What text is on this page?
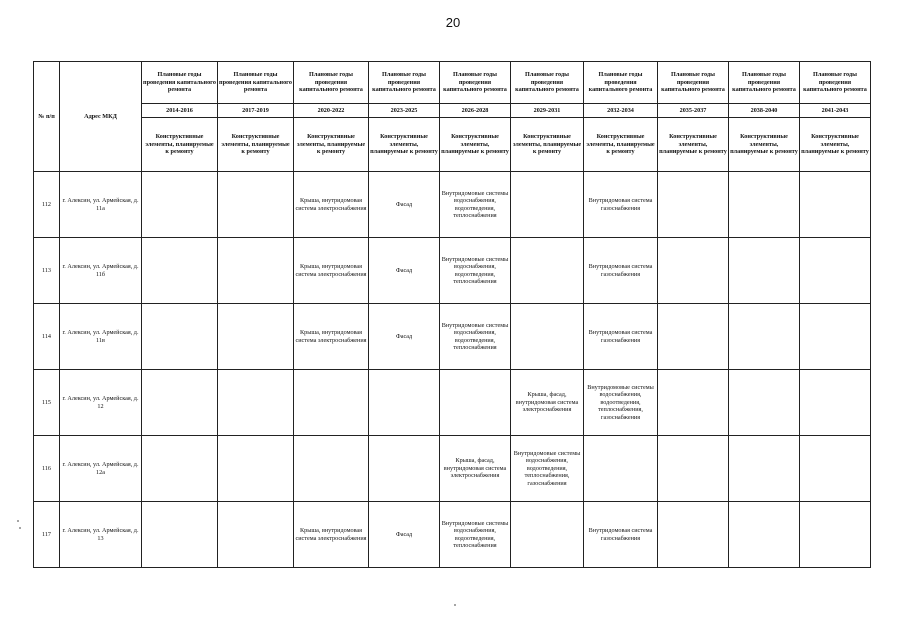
20
№ п/п	Адрес МКД	Плановые годы проведения капитального ремонта	Плановые годы проведения капитального ремонта	Плановые годы проведения капитального ремонта	Плановые годы проведения капитального ремонта	Плановые годы проведения капитального ремонта	Плановые годы проведения капитального ремонта	Плановые годы проведения капитального ремонта	Плановые годы проведения капитального ремонта	Плановые годы проведения капитального ремонта	Плановые годы проведения капитального ремонта
		2014-2016	2017-2019	2020-2022	2023-2025	2026-2028	2029-2031	2032-2034	2035-2037	2038-2040	2041-2043
		Конструктивные элементы, планируемые к ремонту	Конструктивные элементы, планируемые к ремонту	Конструктивные элементы, планируемые к ремонту	Конструктивные элементы, планируемые к ремонту	Конструктивные элементы, планируемые к ремонту	Конструктивные элементы, планируемые к ремонту	Конструктивные элементы, планируемые к ремонту	Конструктивные элементы, планируемые к ремонту	Конструктивные элементы, планируемые к ремонту	Конструктивные элементы, планируемые к ремонту
112	г. Алексин, ул. Армейская, д. 11а			Крыша, внутридомовая система электроснабжения	Фасад	Внутридомовые системы водоснабжения, водоотведения, теплоснабжения		Внутридомовая система газоснабжения			
113	г. Алексин, ул. Армейская, д. 11б			Крыша, внутридомовая система электроснабжения	Фасад	Внутридомовые системы водоснабжения, водоотведения, теплоснабжения		Внутридомовая система газоснабжения			
114	г. Алексин, ул. Армейская, д. 11в			Крыша, внутридомовая система электроснабжения	Фасад	Внутридомовые системы водоснабжения, водоотведения, теплоснабжения		Внутридомовая система газоснабжения			
115	г. Алексин, ул. Армейская, д. 12						Крыша, фасад, внутридомовая система электроснабжения	Внутридомовые системы водоснабжения, водоотведения, теплоснабжения, газоснабжения			
116	г. Алексин, ул. Армейская, д. 12а					Крыша, фасад, внутридомовая система электроснабжения	Внутридомовые системы водоснабжения, водоотведения, теплоснабжения, газоснабжения				
117	г. Алексин, ул. Армейская, д. 13			Крыша, внутридомовая система электроснабжения	Фасад	Внутридомовые системы водоснабжения, водоотведения, теплоснабжения		Внутридомовая система газоснабжения			
